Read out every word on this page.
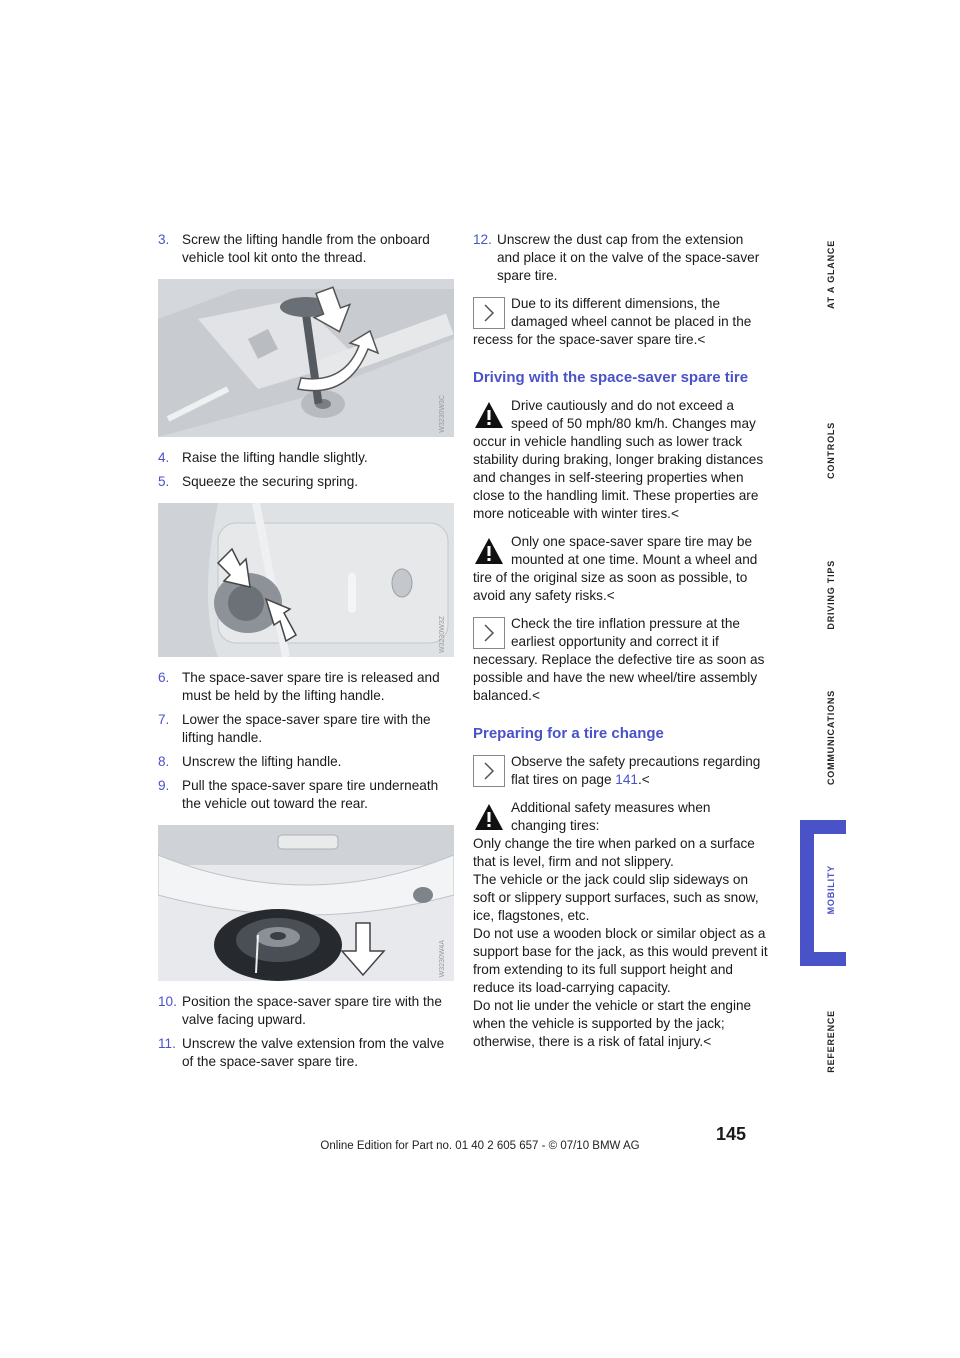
3. Screw the lifting handle from the onboard vehicle tool kit onto the thread.
W3230W3C
4. Raise the lifting handle slightly.
5. Squeeze the securing spring.
W3230W3Z
6. The space-saver spare tire is released and must be held by the lifting handle.
7. Lower the space-saver spare tire with the lifting handle.
8. Unscrew the lifting handle.
9. Pull the space-saver spare tire underneath the vehicle out toward the rear.
W3230W4A
10. Position the space-saver spare tire with the valve facing upward.
11. Unscrew the valve extension from the valve of the space-saver spare tire.
12. Unscrew the dust cap from the extension and place it on the valve of the space-saver spare tire.

Due to its different dimensions, the damaged wheel cannot be placed in the recess for the space-saver spare tire.<

Driving with the space-saver spare tire

Drive cautiously and do not exceed a speed of 50 mph/80 km/h. Changes may occur in vehicle handling such as lower track stability during braking, longer braking distances and changes in self-steering properties when close to the handling limit. These properties are more noticeable with winter tires.<

Only one space-saver spare tire may be mounted at one time. Mount a wheel and tire of the original size as soon as possible, to avoid any safety risks.<

Check the tire inflation pressure at the earliest opportunity and correct it if necessary. Replace the defective tire as soon as possible and have the new wheel/tire assembly balanced.<

Preparing for a tire change

Observe the safety precautions regarding flat tires on page 141.<

Additional safety measures when changing tires:

Only change the tire when parked on a surface that is level, firm and not slippery.

The vehicle or the jack could slip sideways on soft or slippery support surfaces, such as snow, ice, flagstones, etc.

Do not use a wooden block or similar object as a support base for the jack, as this would prevent it from extending to its full support height and reduce its load-carrying capacity.

Do not lie under the vehicle or start the engine when the vehicle is supported by the jack; otherwise, there is a risk of fatal injury.<

AT A GLANCE
CONTROLS
DRIVING TIPS
COMMUNICATIONS
MOBILITY
REFERENCE
145
Online Edition for Part no. 01 40 2 605 657 - © 07/10 BMW AG
